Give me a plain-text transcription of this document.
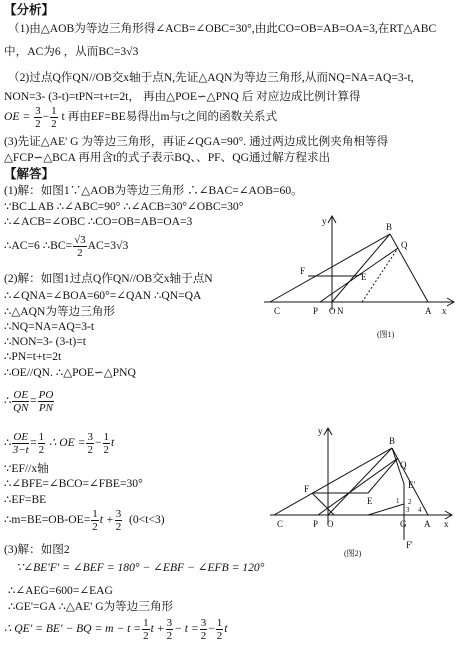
【分析】
（1)由△AOB为等边三角形得∠ACB=∠OBC=30°,由此CO=OB=AB=OA=3,在RT△ABC
中，AC为6 ，从而BC=3√3
（2)过点Q作QN//OB交x轴于点N,先证△AQN为等边三角形,从而NQ=NA=AQ=3-t,
NON=3- (3-t)=tPN=t+t=2t， 再由△POE∽△PNQ 后 对应边成比例计算得
OE = $\frac{3}{2} - \frac{1}{2}$ t 再由EF=BE易得出m与t之间的函数关系式
(3)先证△AE' G 为等边三角形，再证∠QGA=90°. 通过两边成比例夹角相等得
△FCP∽△BCA 再用含t的式子表示BQ、、PF、QG通过解方程求出
【解答】
(1)解：如图1∵△AOB为等边三角形 ∴∠BAC=∠AOB=60。
∵BC⊥AB ∴∠ABC=90° ∴∠ACB=30°∠OBC=30°
∴∠ACB=∠OBC ∴CO=OB=AB=OA=3
∴AC=6 ∴BC= $\frac{√3}{2} AC=3√3$
(2)解：如图1过点Q作QN//OB交x轴于点N
∴∠QNA=∠BOA=60°=∠QAN ∴QN=QA
∴△AQN为等边三角形
∴NQ=NA=AQ=3-t
∴NON=3- (3-t)=t
∴PN=t+t=2t
∴OE//QN. ∴△POE∽△PNQ
∴ $\frac{OE}{QN} = \frac{PO}{PN}$
∴ $\frac{OE}{3-t} = \frac{1}{2}$ ∴ OE = $\frac{3}{2} - \frac{1}{2}$ t
∵EF//x轴
∴∠BFE=∠BCO=∠FBE=30°
∴EF=BE
∴m=BE=OB-OE= $\frac{1}{2}$ $t + \frac{3}{2} (0<t<3)$
(3)解：如图2
∵∠BE'F' = ∠BEF = 180° − ∠EBF − ∠EFB = 120°
∴∠AEG=600=∠EAG
∴GE'=GA ∴△AE' G为等边三角形
∴ QE' = BE' − BQ = $m - t = \frac{1}{2}$ $t + \frac{3}{2} - t = \frac{3}{2} - \frac{1}{2}$ t
y
B
Q
F
E
C	P O N	A x
(图1)
y
B
F
E
E'
Q
C	P O	G A x
F'
1 2
3 4
(图2)
